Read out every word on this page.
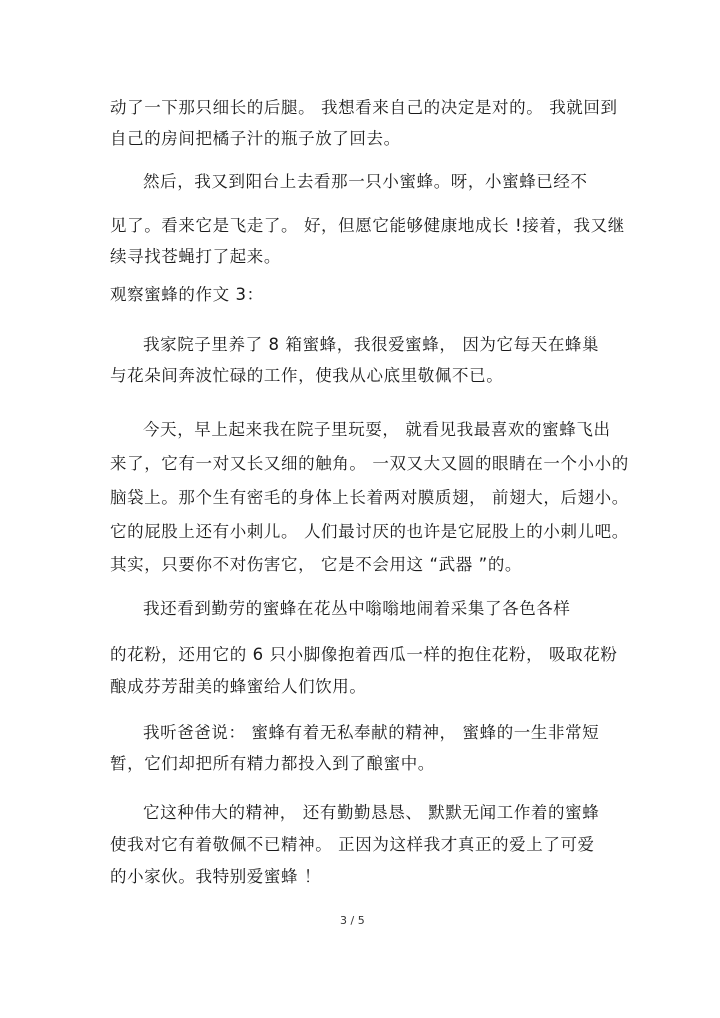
动了一下那只细长的后腿。 我想看来自己的决定是对的。 我就回到
自己的房间把橘子汁的瓶子放了回去。
然后，我又到阳台上去看那一只小蜜蜂。呀，小蜜蜂已经不
见了。看来它是飞走了。 好，但愿它能够健康地成长 !接着，我又继
续寻找苍蝇打了起来。
观察蜜蜂的作文 3：
我家院子里养了 8 箱蜜蜂，我很爱蜜蜂， 因为它每天在蜂巢
与花朵间奔波忙碌的工作，使我从心底里敬佩不已。
今天，早上起来我在院子里玩耍， 就看见我最喜欢的蜜蜂飞出
来了，它有一对又长又细的触角。 一双又大又圆的眼睛在一个小小的
脑袋上。那个生有密毛的身体上长着两对膜质翅， 前翅大，后翅小。
它的屁股上还有小刺儿。 人们最讨厌的也许是它屁股上的小刺儿吧。
其实，只要你不对伤害它， 它是不会用这 “武器 ”的。
我还看到勤劳的蜜蜂在花丛中嗡嗡地闹着采集了各色各样
的花粉，还用它的 6 只小脚像抱着西瓜一样的抱住花粉， 吸取花粉
酿成芬芳甜美的蜂蜜给人们饮用。
我听爸爸说： 蜜蜂有着无私奉献的精神， 蜜蜂的一生非常短
暂，它们却把所有精力都投入到了酿蜜中。
它这种伟大的精神， 还有勤勤恳恳、 默默无闻工作着的蜜蜂
使我对它有着敬佩不已精神。 正因为这样我才真正的爱上了可爱
的小家伙。我特别爱蜜蜂 ！
3 / 5
